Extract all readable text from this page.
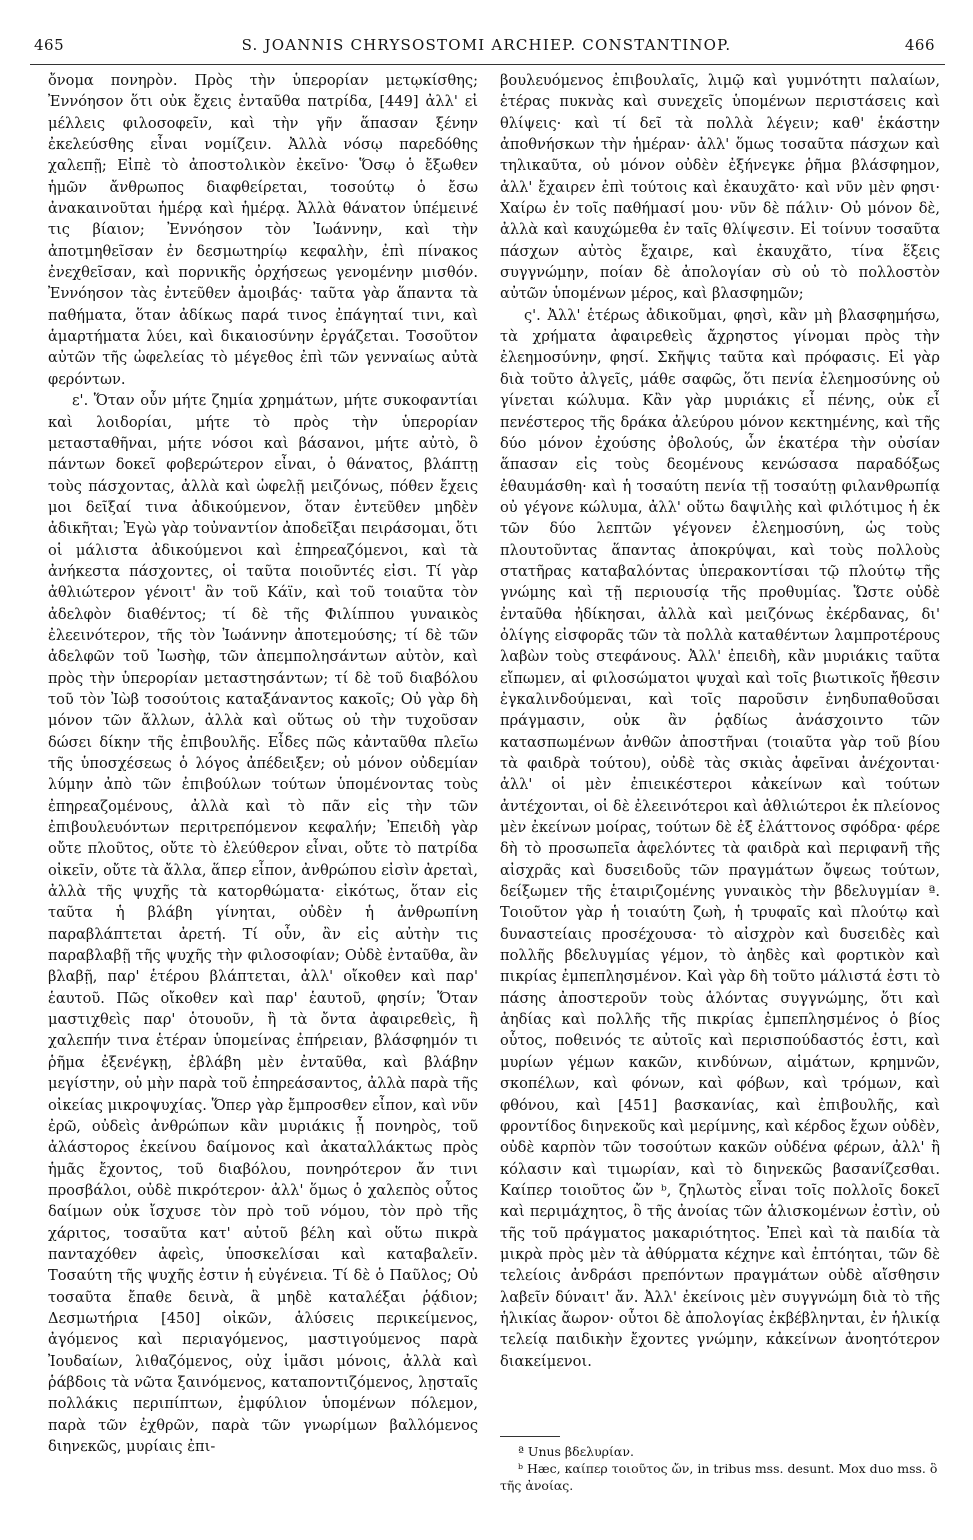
465	S. JOANNIS CHRYSOSTOMI ARCHIEP. CONSTANTINOP.	466

ὄνομα πονηρὸν. Πρὸς τὴν ὑπερορίαν μετῳκίσθης; Ἐννόησον ὅτι οὐκ ἔχεις ἐνταῦθα πατρίδα, [449] ἀλλ' εἰ μέλλεις φιλοσοφεῖν, καὶ τὴν γῆν ἅπασαν ξένην ἐκελεύσθης εἶναι νομίζειν. Ἀλλὰ νόσῳ παρεδόθης χαλεπῇ; Εἰπὲ τὸ ἀποστολικὸν ἐκεῖνο· Ὅσῳ ὁ ἔξωθεν ἡμῶν ἄνθρωπος διαφθείρεται, τοσούτῳ ὁ ἔσω ἀνακαινοῦται ἡμέρᾳ καὶ ἡμέρᾳ. Ἀλλὰ θάνατον ὑπέμεινέ τις βίαιον; Ἐννόησον τὸν Ἰωάννην, καὶ τὴν ἀποτμηθεῖσαν ἐν δεσμωτηρίῳ κεφαλὴν, ἐπὶ πίνακος ἐνεχθεῖσαν, καὶ πορνικῆς ὀρχήσεως γενομένην μισθόν. Ἐννόησον τὰς ἐντεῦθεν ἀμοιβάς· ταῦτα γὰρ ἅπαντα τὰ παθήματα, ὅταν ἀδίκως παρά τινος ἐπάγηταί τινι, καὶ ἁμαρτήματα λύει, καὶ δικαιοσύνην ἐργάζεται. Τοσοῦτον αὐτῶν τῆς ὠφελείας τὸ μέγεθος ἐπὶ τῶν γενναίως αὐτὰ φερόντων.

ε'. Ὅταν οὖν μήτε ζημία χρημάτων, μήτε συκοφαντίαι καὶ λοιδορίαι, μήτε τὸ πρὸς τὴν ὑπερορίαν μετασταθῆναι, μήτε νόσοι καὶ βάσανοι, μήτε αὐτὸ, ὃ πάντων δοκεῖ φοβερώτερον εἶναι, ὁ θάνατος, βλάπτῃ τοὺς πάσχοντας, ἀλλὰ καὶ ὠφελῇ μειζόνως, πόθεν ἔχεις μοι δεῖξαί τινα ἀδικούμενον, ὅταν ἐντεῦθεν μηδὲν ἀδικῆται; Ἐγὼ γὰρ τοὐναντίον ἀποδεῖξαι πειράσομαι, ὅτι οἱ μάλιστα ἀδικούμενοι καὶ ἐπηρεαζόμενοι, καὶ τὰ ἀνήκεστα πάσχοντες, οἱ ταῦτα ποιοῦντές εἰσι. Τί γὰρ ἀθλιώτερον γένοιτ' ἂν τοῦ Κάϊν, καὶ τοῦ τοιαῦτα τὸν ἀδελφὸν διαθέντος; τί δὲ τῆς Φιλίππου γυναικὸς ἐλεεινότερον, τῆς τὸν Ἰωάννην ἀποτεμούσης; τί δὲ τῶν ἀδελφῶν τοῦ Ἰωσὴφ, τῶν ἀπεμπολησάντων αὐτὸν, καὶ πρὸς τὴν ὑπερορίαν μεταστησάντων; τί δὲ τοῦ διαβόλου τοῦ τὸν Ἰὼβ τοσούτοις καταξάναντος κακοῖς; Οὐ γὰρ δὴ μόνον τῶν ἄλλων, ἀλλὰ καὶ οὕτως οὐ τὴν τυχοῦσαν δώσει δίκην τῆς ἐπιβουλῆς. Εἶδες πῶς κἀνταῦθα πλεῖω τῆς ὑποσχέσεως ὁ λόγος ἀπέδειξεν; οὐ μόνον οὐδεμίαν λύμην ἀπὸ τῶν ἐπιβούλων τούτων ὑπομένοντας τοὺς ἐπηρεαζομένους, ἀλλὰ καὶ τὸ πᾶν εἰς τὴν τῶν ἐπιβουλευόντων περιτρεπόμενον κεφαλήν; Ἐπειδὴ γὰρ οὔτε πλοῦτος, οὔτε τὸ ἐλεύθερον εἶναι, οὔτε τὸ πατρίδα οἰκεῖν, οὔτε τὰ ἄλλα, ἅπερ εἶπον, ἀνθρώπου εἰσὶν ἀρεταὶ, ἀλλὰ τῆς ψυχῆς τὰ κατορθώματα· εἰκότως, ὅταν εἰς ταῦτα ἡ βλάβη γίνηται, οὐδὲν ἡ ἀνθρωπίνη παραβλάπτεται ἀρετή. Τί οὖν, ἂν εἰς αὐτὴν τις παραβλαβῇ τῆς ψυχῆς τὴν φιλοσοφίαν; Οὐδὲ ἐνταῦθα, ἂν βλαβῇ, παρ' ἑτέρου βλάπτεται, ἀλλ' οἴκοθεν καὶ παρ' ἑαυτοῦ. Πῶς οἴκοθεν καὶ παρ' ἑαυτοῦ, φησίν; Ὅταν μαστιχθεὶς παρ' ὁτουοῦν, ἢ τὰ ὄντα ἀφαιρεθεὶς, ἢ χαλεπήν τινα ἑτέραν ὑπομείνας ἐπήρειαν, βλάσφημόν τι ῥῆμα ἐξενέγκῃ, ἐβλάβη μὲν ἐνταῦθα, καὶ βλάβην μεγίστην, οὐ μὴν παρὰ τοῦ ἐπηρεάσαντος, ἀλλὰ παρὰ τῆς οἰκείας μικροψυχίας. Ὅπερ γὰρ ἔμπροσθεν εἶπον, καὶ νῦν ἐρῶ, οὐδεὶς ἀνθρώπων κἂν μυριάκις ᾖ πονηρὸς, τοῦ ἀλάστορος ἐκείνου δαίμονος καὶ ἀκαταλλάκτως πρὸς ἡμᾶς ἔχοντος, τοῦ διαβόλου, πονηρότερον ἄν τινι προσβάλοι, οὐδὲ πικρότερον· ἀλλ' ὅμως ὁ χαλεπὸς οὗτος δαίμων οὐκ ἴσχυσε τὸν πρὸ τοῦ νόμου, τὸν πρὸ τῆς χάριτος, τοσαῦτα κατ' αὐτοῦ βέλη καὶ οὕτω πικρὰ πανταχόθεν ἀφεὶς, ὑποσκελίσαι καὶ καταβαλεῖν. Τοσαύτη τῆς ψυχῆς ἐστιν ἡ εὐγένεια. Τί δὲ ὁ Παῦλος; Οὐ τοσαῦτα ἔπαθε δεινὰ, ἃ μηδὲ καταλέξαι ῥᾴδιον; Δεσμωτήρια [450] οἰκῶν, ἁλύσεις περικείμενος, ἀγόμενος καὶ περιαγόμενος, μαστιγούμενος παρὰ Ἰουδαίων, λιθαζόμενος, οὐχ ἱμᾶσι μόνοις, ἀλλὰ καὶ ῥάβδοις τὰ νῶτα ξαινόμενος, καταποντιζόμενος, λῃσταῖς πολλάκις περιπίπτων, ἐμφύλιον ὑπομένων πόλεμον, παρὰ τῶν ἐχθρῶν, παρὰ τῶν γνωρίμων βαλλόμενος διηνεκῶς, μυρίαις ἐπι-

βουλευόμενος ἐπιβουλαῖς, λιμῷ καὶ γυμνότητι παλαίων, ἑτέρας πυκνὰς καὶ συνεχεῖς ὑπομένων περιστάσεις καὶ θλίψεις· καὶ τί δεῖ τὰ πολλὰ λέγειν; καθ' ἑκάστην ἀποθνήσκων τὴν ἡμέραν· ἀλλ' ὅμως τοσαῦτα πάσχων καὶ τηλικαῦτα, οὐ μόνον οὐδὲν ἐξήνεγκε ῥῆμα βλάσφημον, ἀλλ' ἔχαιρεν ἐπὶ τούτοις καὶ ἐκαυχᾶτο· καὶ νῦν μὲν φησι· Χαίρω ἐν τοῖς παθήμασί μου· νῦν δὲ πάλιν· Οὐ μόνον δὲ, ἀλλὰ καὶ καυχώμεθα ἐν ταῖς θλίψεσιν. Εἰ τοίνυν τοσαῦτα πάσχων αὐτὸς ἔχαιρε, καὶ ἐκαυχᾶτο, τίνα ἕξεις συγγνώμην, ποίαν δὲ ἀπολογίαν σὺ οὐ τὸ πολλοστὸν αὐτῶν ὑπομένων μέρος, καὶ βλασφημῶν;

ς'. Ἀλλ' ἑτέρως ἀδικοῦμαι, φησὶ, κἂν μὴ βλασφημήσω, τὰ χρήματα ἀφαιρεθεὶς ἄχρηστος γίνομαι πρὸς τὴν ἐλεημοσύνην, φησί. Σκῆψις ταῦτα καὶ πρόφασις. Εἰ γὰρ διὰ τοῦτο ἀλγεῖς, μάθε σαφῶς, ὅτι πενία ἐλεημοσύνης οὐ γίνεται κώλυμα. Κἂν γὰρ μυριάκις εἶ πένης, οὐκ εἶ πενέστερος τῆς δράκα ἀλεύρου μόνον κεκτημένης, καὶ τῆς δύο μόνον ἐχούσης ὀβολούς, ὧν ἑκατέρα τὴν οὐσίαν ἅπασαν εἰς τοὺς δεομένους κενώσασα παραδόξως ἐθαυμάσθη· καὶ ἡ τοσαύτη πενία τῇ τοσαύτῃ φιλανθρωπίᾳ οὐ γέγονε κώλυμα, ἀλλ' οὕτω δαψιλὴς καὶ φιλότιμος ἡ ἐκ τῶν δύο λεπτῶν γέγονεν ἐλεημοσύνη, ὡς τοὺς πλουτοῦντας ἅπαντας ἀποκρύψαι, καὶ τοὺς πολλοὺς στατῆρας καταβαλόντας ὑπερακοντίσαι τῷ πλούτῳ τῆς γνώμης καὶ τῇ περιουσίᾳ τῆς προθυμίας. Ὥστε οὐδὲ ἐνταῦθα ἠδίκησαι, ἀλλὰ καὶ μειζόνως ἐκέρδανας, δι' ὀλίγης εἰσφορᾶς τῶν τὰ πολλὰ καταθέντων λαμπροτέρους λαβὼν τοὺς στεφάνους. Ἀλλ' ἐπειδὴ, κἂν μυριάκις ταῦτα εἴπωμεν, αἱ φιλοσώματοι ψυχαὶ καὶ τοῖς βιωτικοῖς ἤθεσιν ἐγκαλινδούμεναι, καὶ τοῖς παροῦσιν ἐνηδυπαθοῦσαι πράγμασιν, οὐκ ἂν ῥᾳδίως ἀνάσχοιντο τῶν κατασπωμένων ἀνθῶν ἀποστῆναι (τοιαῦτα γὰρ τοῦ βίου τὰ φαιδρὰ τούτου), οὐδὲ τὰς σκιὰς ἀφεῖναι ἀνέχονται· ἀλλ' οἱ μὲν ἐπιεικέστεροι κἀκείνων καὶ τούτων ἀντέχονται, οἱ δὲ ἐλεεινότεροι καὶ ἀθλιώτεροι ἐκ πλείονος μὲν ἐκείνων μοίρας, τούτων δὲ ἐξ ἐλάττονος σφόδρα· φέρε δὴ τὸ προσωπεῖα ἀφελόντες τὰ φαιδρὰ καὶ περιφανῆ τῆς αἰσχρᾶς καὶ δυσειδοῦς τῶν πραγμάτων ὄψεως τούτων, δείξωμεν τῆς ἑταιριζομένης γυναικὸς τὴν βδελυγμίαν ª. Τοιοῦτον γὰρ ἡ τοιαύτη ζωὴ, ἡ τρυφαῖς καὶ πλούτῳ καὶ δυναστείαις προσέχουσα· τὸ αἰσχρὸν καὶ δυσειδὲς καὶ πολλῆς βδελυγμίας γέμον, τὸ ἀηδὲς καὶ φορτικὸν καὶ πικρίας ἐμπεπλησμένον. Καὶ γὰρ δὴ τοῦτο μάλιστά ἐστι τὸ πάσης ἀποστεροῦν τοὺς ἁλόντας συγγνώμης, ὅτι καὶ ἀηδίας καὶ πολλῆς τῆς πικρίας ἐμπεπλησμένος ὁ βίος οὗτος, ποθεινός τε αὐτοῖς καὶ περισπούδαστός ἐστι, καὶ μυρίων γέμων κακῶν, κινδύνων, αἱμάτων, κρημνῶν, σκοπέλων, καὶ φόνων, καὶ φόβων, καὶ τρόμων, καὶ φθόνου, καὶ [451] βασκανίας, καὶ ἐπιβουλῆς, καὶ φροντίδος διηνεκοῦς καὶ μερίμνης, καὶ κέρδος ἔχων οὐδὲν, οὐδὲ καρπὸν τῶν τοσούτων κακῶν οὐδένα φέρων, ἀλλ' ἢ κόλασιν καὶ τιμωρίαν, καὶ τὸ διηνεκῶς βασανίζεσθαι. Καίπερ τοιοῦτος ὤν ᵇ, ζηλωτὸς εἶναι τοῖς πολλοῖς δοκεῖ καὶ περιμάχητος, ὃ τῆς ἀνοίας τῶν ἁλισκομένων ἐστὶν, οὐ τῆς τοῦ πράγματος μακαριότητος. Ἐπεὶ καὶ τὰ παιδία τὰ μικρὰ πρὸς μὲν τὰ ἀθύρματα κέχηνε καὶ ἐπτόηται, τῶν δὲ τελείοις ἀνδράσι πρεπόντων πραγμάτων οὐδὲ αἴσθησιν λαβεῖν δύναιτ' ἄν. Ἀλλ' ἐκείνοις μὲν συγγνώμη διὰ τὸ τῆς ἡλικίας ἄωρον· οὗτοι δὲ ἀπολογίας ἐκβέβληνται, ἐν ἡλικίᾳ τελείᾳ παιδικὴν ἔχοντες γνώμην, κἀκείνων ἀνοητότερον διακείμενοι.

ª Unus βδελυρίαν.

ᵇ Hæc, καίπερ τοιοῦτος ὤν, in tribus mss. desunt. Mox duo mss. ὃ τῆς ἀνοίας.
